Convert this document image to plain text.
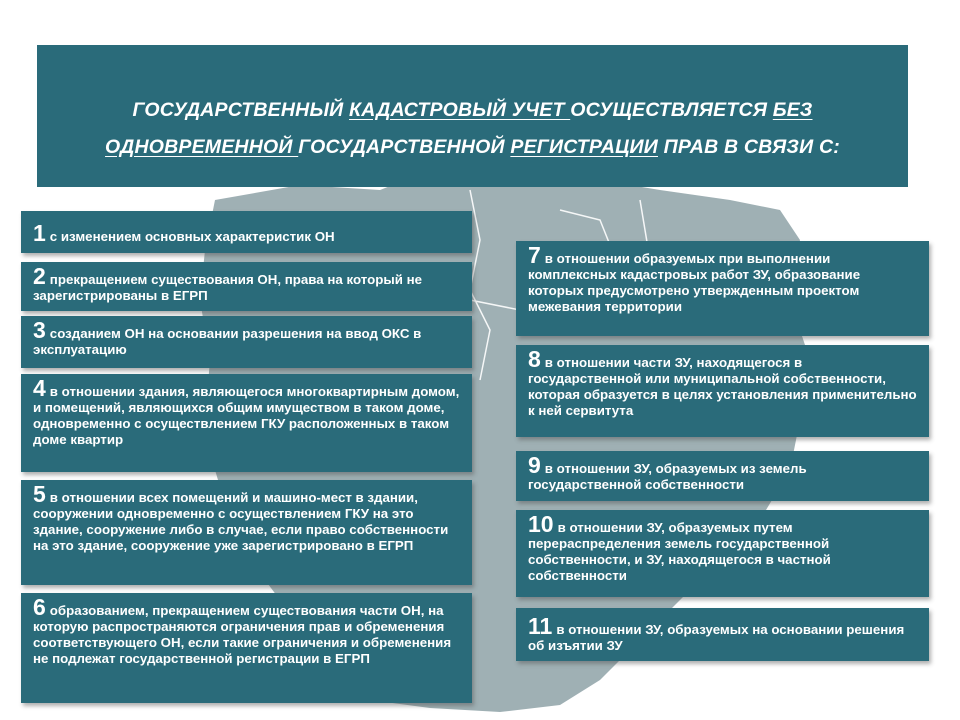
ГОСУДАРСТВЕННЫЙ КАДАСТРОВЫЙ УЧЕТ ОСУЩЕСТВЛЯЕТСЯ БЕЗ ОДНОВРЕМЕННОЙ ГОСУДАРСТВЕННОЙ РЕГИСТРАЦИИ ПРАВ В СВЯЗИ С:
1 с изменением основных характеристик ОН
2 прекращением существования ОН, права на который не зарегистрированы в ЕГРП
3 созданием ОН на основании разрешения на ввод ОКС в эксплуатацию
4 в отношении здания, являющегося многоквартирным домом, и помещений, являющихся общим имуществом в таком доме, одновременно с осуществлением ГКУ расположенных в таком доме квартир
5 в отношении всех помещений и машино-мест в здании, сооружении одновременно с осуществлением ГКУ на это здание, сооружение либо в случае, если право собственности на это здание, сооружение уже зарегистрировано в ЕГРП
6 образованием, прекращением существования части ОН, на которую распространяются ограничения прав и обременения соответствующего ОН, если такие ограничения и обременения не подлежат государственной регистрации в ЕГРП
7 в отношении образуемых при выполнении комплексных кадастровых работ ЗУ, образование которых предусмотрено утвержденным проектом межевания территории
8 в отношении части ЗУ, находящегося в государственной или муниципальной собственности, которая образуется в целях установления применительно к ней сервитута
9 в отношении ЗУ, образуемых из земель государственной собственности
10 в отношении ЗУ, образуемых путем перераспределения земель государственной собственности, и ЗУ, находящегося в частной собственности
11 в отношении ЗУ, образуемых на основании решения об изъятии ЗУ
